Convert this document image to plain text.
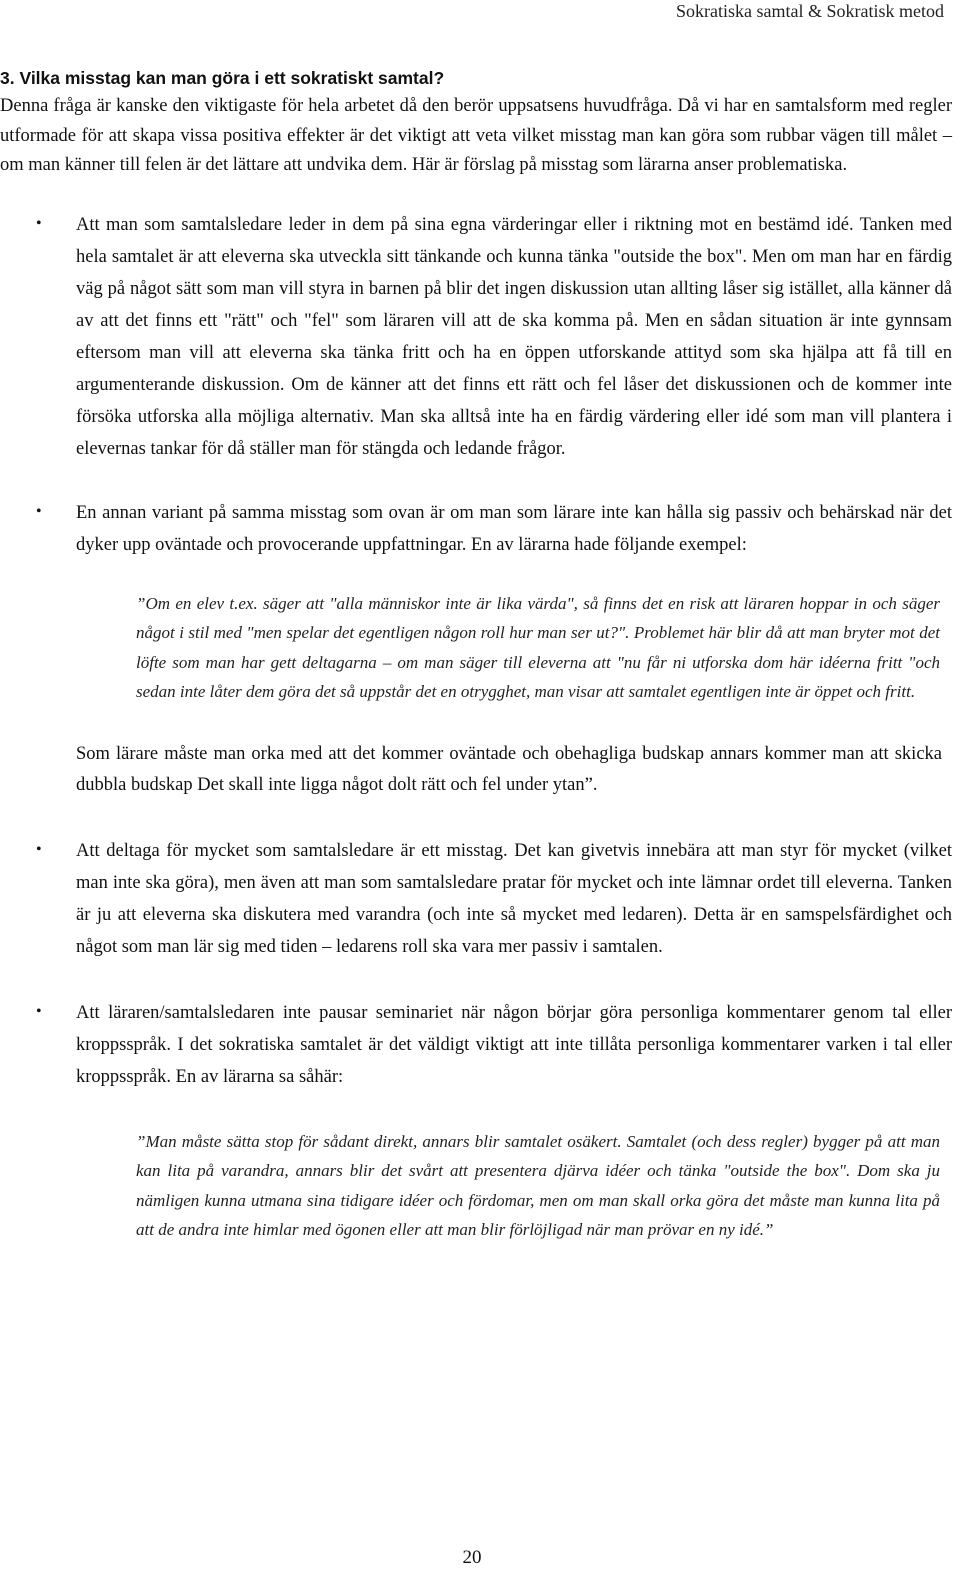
Sokratiska samtal & Sokratisk metod
3. Vilka misstag kan man göra i ett sokratiskt samtal?

Denna fråga är kanske den viktigaste för hela arbetet då den berör uppsatsens huvudfråga. Då vi har en samtalsform med regler utformade för att skapa vissa positiva effekter är det viktigt att veta vilket misstag man kan göra som rubbar vägen till målet – om man känner till felen är det lättare att undvika dem. Här är förslag på misstag som lärarna anser problematiska.

• Att man som samtalsledare leder in dem på sina egna värderingar eller i riktning mot en bestämd idé. Tanken med hela samtalet är att eleverna ska utveckla sitt tänkande och kunna tänka "outside the box". Men om man har en färdig väg på något sätt som man vill styra in barnen på blir det ingen diskussion utan allting låser sig istället, alla känner då av att det finns ett "rätt" och "fel" som läraren vill att de ska komma på. Men en sådan situation är inte gynnsam eftersom man vill att eleverna ska tänka fritt och ha en öppen utforskande attityd som ska hjälpa att få till en argumenterande diskussion. Om de känner att det finns ett rätt och fel låser det diskussionen och de kommer inte försöka utforska alla möjliga alternativ. Man ska alltså inte ha en färdig värdering eller idé som man vill plantera i elevernas tankar för då ställer man för stängda och ledande frågor.

• En annan variant på samma misstag som ovan är om man som lärare inte kan hålla sig passiv och behärskad när det dyker upp oväntade och provocerande uppfattningar. En av lärarna hade följande exempel:

”Om en elev t.ex. säger att "alla människor inte är lika värda", så finns det en risk att läraren hoppar in och säger något i stil med "men spelar det egentligen någon roll hur man ser ut?". Problemet här blir då att man bryter mot det löfte som man har gett deltagarna – om man säger till eleverna att "nu får ni utforska dom här idéerna fritt "och sedan inte låter dem göra det så uppstår det en otrygghet, man visar att samtalet egentligen inte är öppet och fritt.
Som lärare måste man orka med att det kommer oväntade och obehagliga budskap annars kommer man att skicka dubbla budskap Det skall inte ligga något dolt rätt och fel under ytan”.
• Att deltaga för mycket som samtalsledare är ett misstag. Det kan givetvis innebära att man styr för mycket (vilket man inte ska göra), men även att man som samtalsledare pratar för mycket och inte lämnar ordet till eleverna. Tanken är ju att eleverna ska diskutera med varandra (och inte så mycket med ledaren). Detta är en samspelsfärdighet och något som man lär sig med tiden – ledarens roll ska vara mer passiv i samtalen.

• Att läraren/samtalsledaren inte pausar seminariet när någon börjar göra personliga kommentarer genom tal eller kroppsspråk. I det sokratiska samtalet är det väldigt viktigt att inte tillåta personliga kommentarer varken i tal eller kroppsspråk. En av lärarna sa såhär:

”Man måste sätta stop för sådant direkt, annars blir samtalet osäkert. Samtalet (och dess regler) bygger på att man kan lita på varandra, annars blir det svårt att presentera djärva idéer och tänka "outside the box". Dom ska ju nämligen kunna utmana sina tidigare idéer och fördomar, men om man skall orka göra det måste man kunna lita på att de andra inte himlar med ögonen eller att man blir förlöjligad när man prövar en ny idé.”
20
